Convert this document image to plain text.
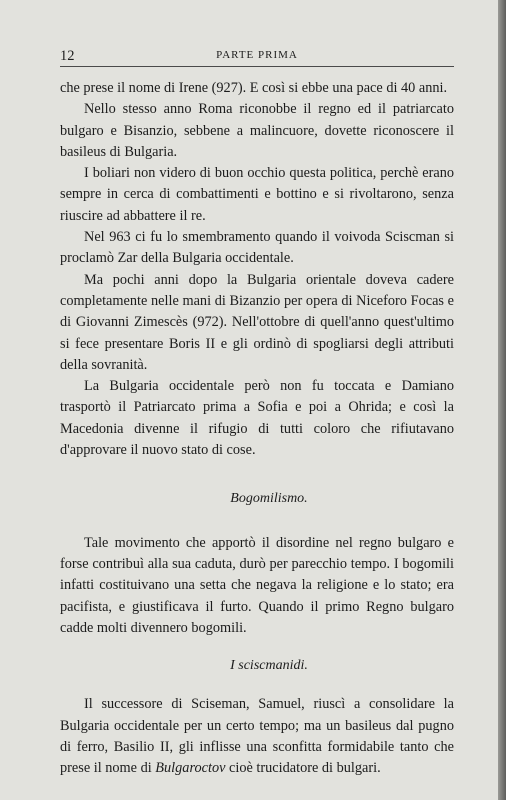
12	PARTE PRIMA

che prese il nome di Irene (927). E così si ebbe una pace di 40 anni.

Nello stesso anno Roma riconobbe il regno ed il patriarcato bulgaro e Bisanzio, sebbene a malincuore, dovette riconoscere il basileus di Bulgaria.

I boliari non videro di buon occhio questa politica, perchè erano sempre in cerca di combattimenti e bottino e si rivoltarono, senza riuscire ad abbattere il re.

Nel 963 ci fu lo smembramento quando il voivoda Sciscman si proclamò Zar della Bulgaria occidentale.

Ma pochi anni dopo la Bulgaria orientale doveva cadere completamente nelle mani di Bizanzio per opera di Niceforo Focas e di Giovanni Zimescès (972). Nell'ottobre di quell'anno quest'ultimo si fece presentare Boris II e gli ordinò di spogliarsi degli attributi della sovranità.

La Bulgaria occidentale però non fu toccata e Damiano trasportò il Patriarcato prima a Sofia e poi a Ohrida; e così la Macedonia divenne il rifugio di tutti coloro che rifiutavano d'approvare il nuovo stato di cose.

Bogomilismo.

Tale movimento che apportò il disordine nel regno bulgaro e forse contribuì alla sua caduta, durò per parecchio tempo. I bogomili infatti costituivano una setta che negava la religione e lo stato; era pacifista, e giustificava il furto. Quando il primo Regno bulgaro cadde molti divennero bogomili.

I sciscmanidi.

Il successore di Sciseman, Samuel, riuscì a consolidare la Bulgaria occidentale per un certo tempo; ma un basileus dal pugno di ferro, Basilio II, gli inflisse una sconfitta formidabile tanto che prese il nome di Bulgaroctov cioè trucidatore di bulgari.
